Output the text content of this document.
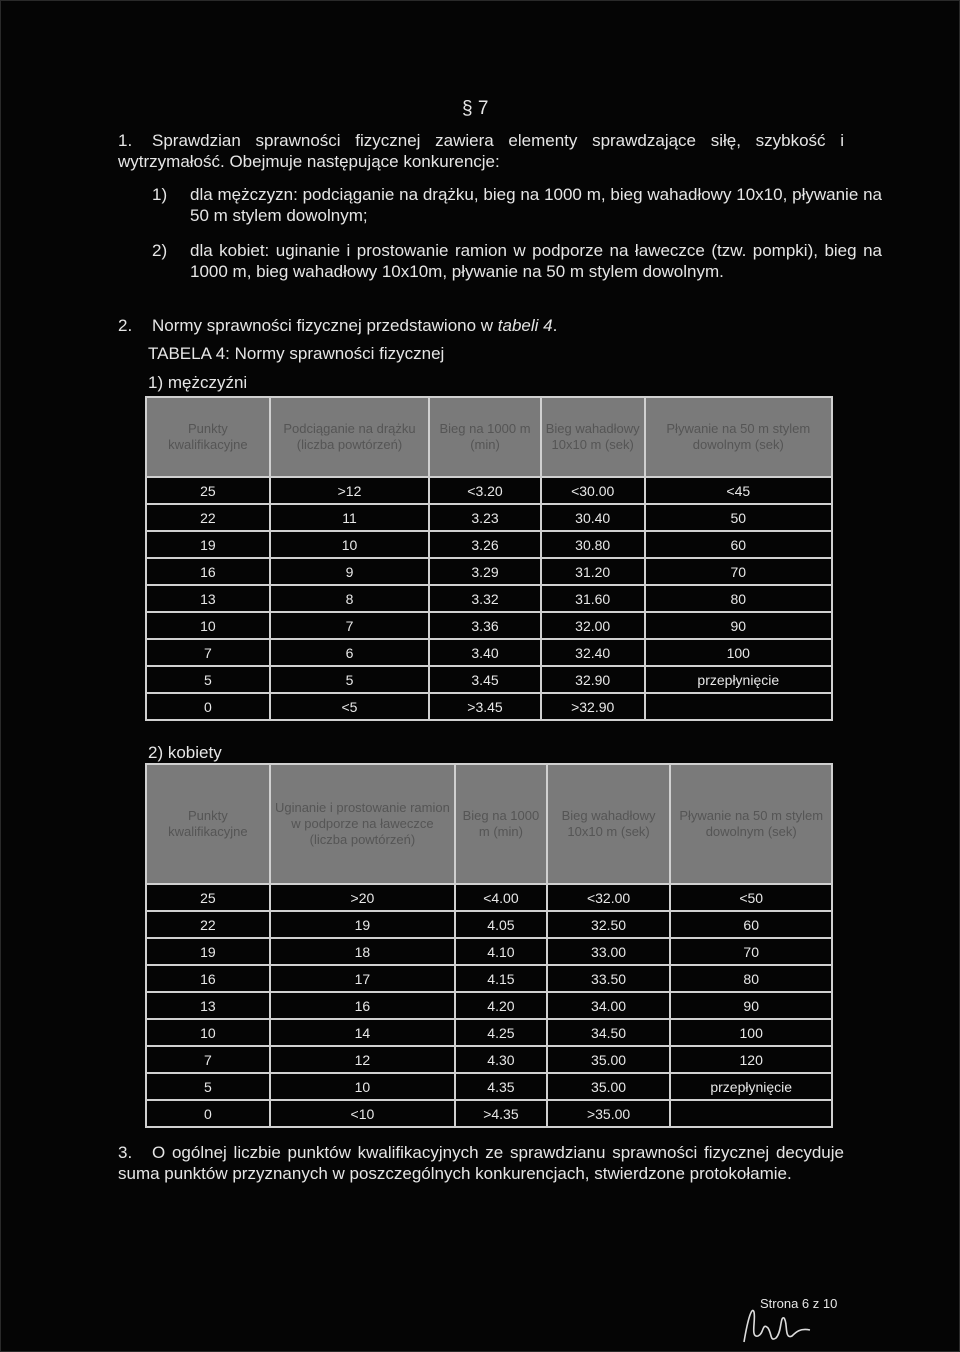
§ 7
1. Sprawdzian sprawności fizycznej zawiera elementy sprawdzające siłę, szybkość i wytrzymałość. Obejmuje następujące konkurencje:
1) dla mężczyzn: podciąganie na drążku, bieg na 1000 m, bieg wahadłowy 10x10, pływanie na 50 m stylem dowolnym;
2) dla kobiet: uginanie i prostowanie ramion w podporze na ławeczce (tzw. pompki), bieg na 1000 m, bieg wahadłowy 10x10m, pływanie na 50 m stylem dowolnym.
2. Normy sprawności fizycznej przedstawiono w tabeli 4.
TABELA 4: Normy sprawności fizycznej
1) mężczyźni
Punkty kwalifikacyjne	Podciąganie na drążku (liczba powtórzeń)	Bieg na 1000 m (min)	Bieg wahadłowy 10x10 m (sek)	Pływanie na 50 m stylem dowolnym (sek)
25	>12	<3.20	<30.00	<45
22	11	3.23	30.40	50
19	10	3.26	30.80	60
16	9	3.29	31.20	70
13	8	3.32	31.60	80
10	7	3.36	32.00	90
7	6	3.40	32.40	100
5	5	3.45	32.90	przepłynięcie
0	<5	>3.45	>32.90	
2) kobiety
Punkty kwalifikacyjne	Uginanie i prostowanie ramion w podporze na ławeczce (liczba powtórzeń)	Bieg na 1000 m (min)	Bieg wahadłowy 10x10 m (sek)	Pływanie na 50 m stylem dowolnym (sek)
25	>20	<4.00	<32.00	<50
22	19	4.05	32.50	60
19	18	4.10	33.00	70
16	17	4.15	33.50	80
13	16	4.20	34.00	90
10	14	4.25	34.50	100
7	12	4.30	35.00	120
5	10	4.35	35.00	przepłynięcie
0	<10	>4.35	>35.00	
3. O ogólnej liczbie punktów kwalifikacyjnych ze sprawdzianu sprawności fizycznej decyduje suma punktów przyznanych w poszczególnych konkurencjach, stwierdzone protokołamie.
Strona 6 z 10
